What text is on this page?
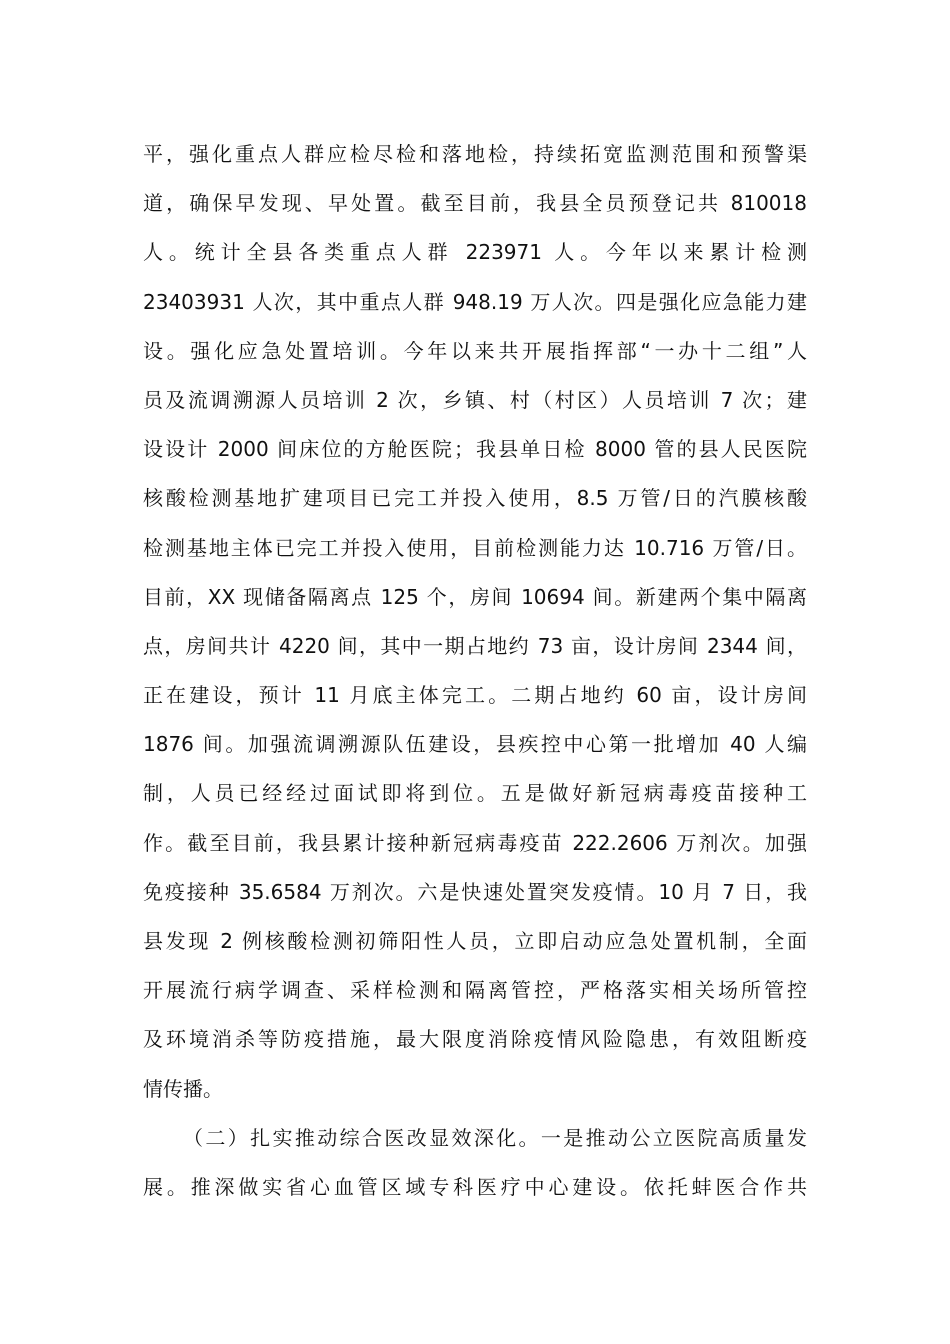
平，强化重点人群应检尽检和落地检，持续拓宽监测范围和预警渠
道，确保早发现、早处置。截至目前，我县全员预登记共 810018
人。统计全县各类重点人群 223971 人。今年以来累计检测
23403931 人次，其中重点人群 948.19 万人次。四是强化应急能力建
设。强化应急处置培训。今年以来共开展指挥部“一办十二组”人
员及流调溯源人员培训 2 次，乡镇、村（村区）人员培训 7 次；建
设设计 2000 间床位的方舱医院；我县单日检 8000 管的县人民医院
核酸检测基地扩建项目已完工并投入使用，8.5 万管/日的汽膜核酸
检测基地主体已完工并投入使用，目前检测能力达 10.716 万管/日。
目前，XX 现储备隔离点 125 个，房间 10694 间。新建两个集中隔离
点，房间共计 4220 间，其中一期占地约 73 亩，设计房间 2344 间，
正在建设，预计 11 月底主体完工。二期占地约 60 亩，设计房间
1876 间。加强流调溯源队伍建设，县疾控中心第一批增加 40 人编
制，人员已经经过面试即将到位。五是做好新冠病毒疫苗接种工
作。截至目前，我县累计接种新冠病毒疫苗 222.2606 万剂次。加强
免疫接种 35.6584 万剂次。六是快速处置突发疫情。10 月 7 日，我
县发现 2 例核酸检测初筛阳性人员，立即启动应急处置机制，全面
开展流行病学调查、采样检测和隔离管控，严格落实相关场所管控
及环境消杀等防疫措施，最大限度消除疫情风险隐患，有效阻断疫
情传播。
（二）扎实推动综合医改显效深化。一是推动公立医院高质量发
展。推深做实省心血管区域专科医疗中心建设。依托蚌医合作共
